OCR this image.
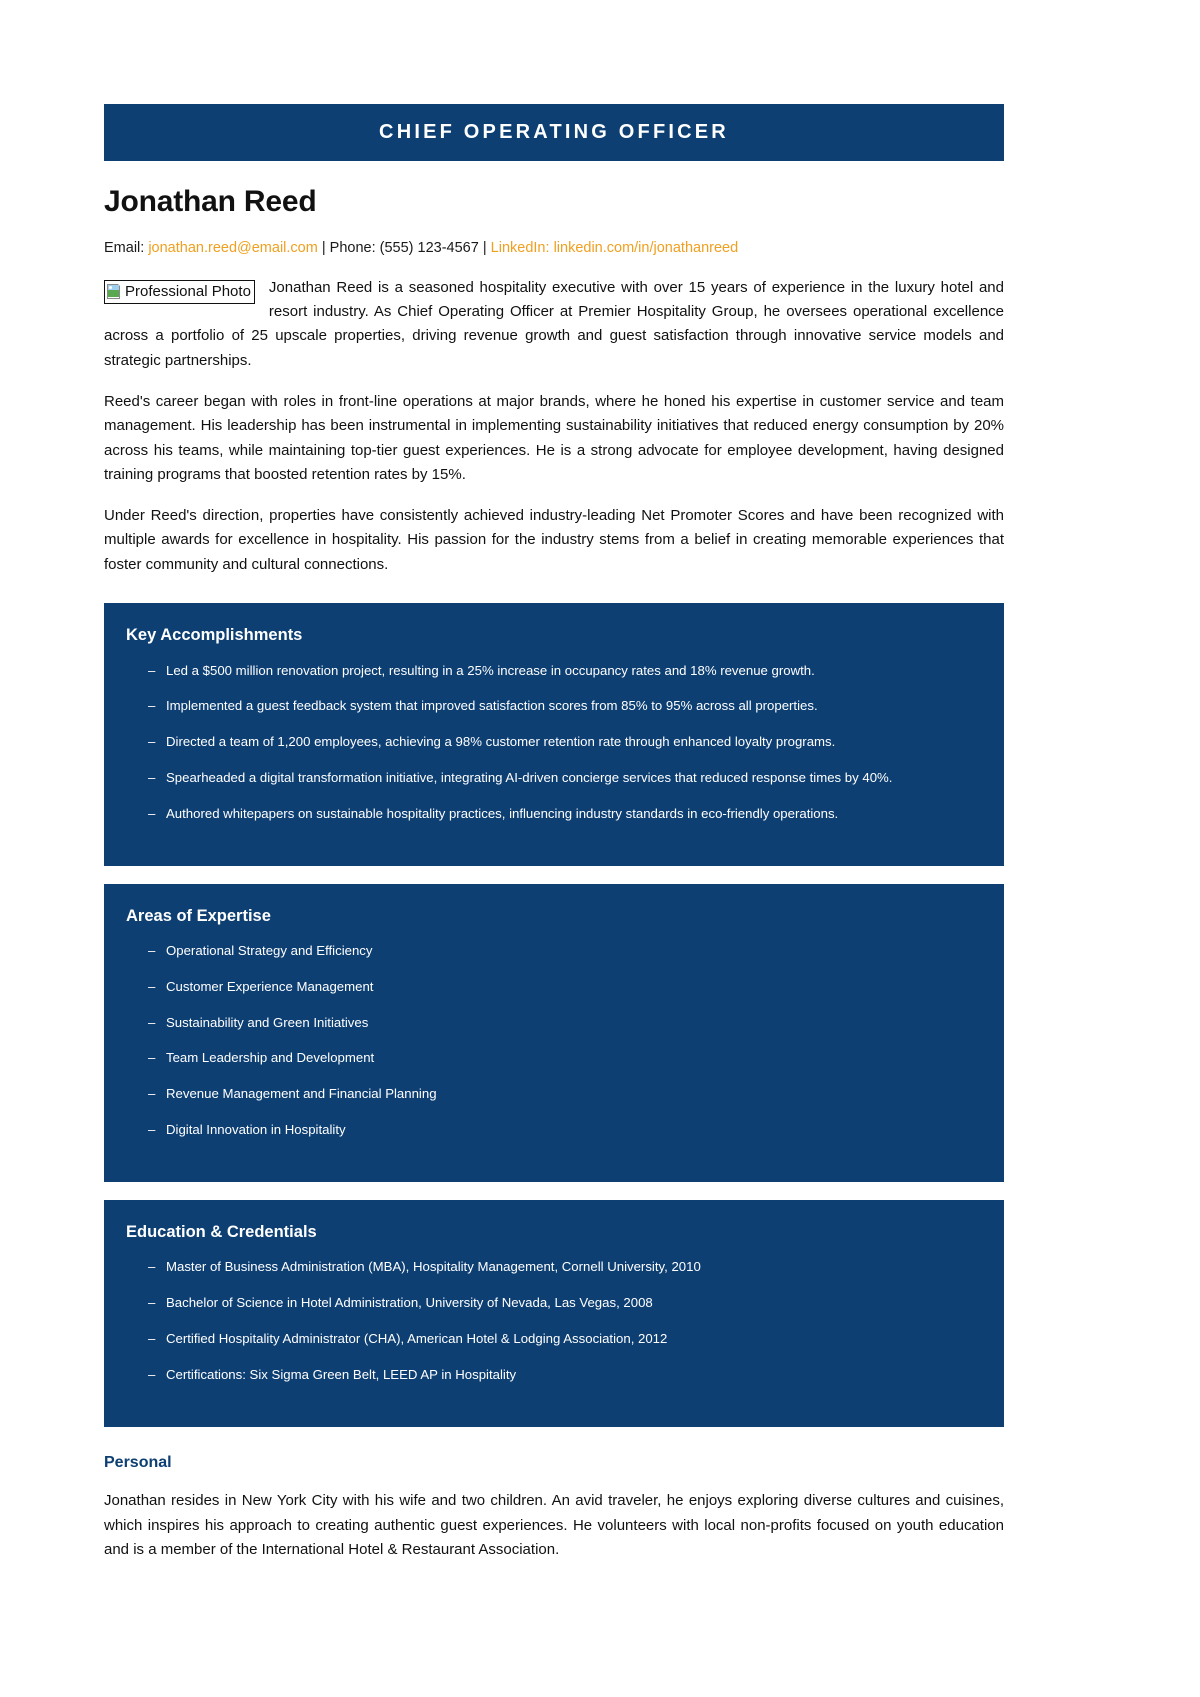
CHIEF OPERATING OFFICER
Jonathan Reed
Email: jonathan.reed@email.com | Phone: (555) 123-4567 | LinkedIn: linkedin.com/in/jonathanreed

Professional Photo Jonathan Reed is a seasoned hospitality executive with over 15 years of experience in the luxury hotel and resort industry. As Chief Operating Officer at Premier Hospitality Group, he oversees operational excellence across a portfolio of 25 upscale properties, driving revenue growth and guest satisfaction through innovative service models and strategic partnerships.

Reed's career began with roles in front-line operations at major brands, where he honed his expertise in customer service and team management. His leadership has been instrumental in implementing sustainability initiatives that reduced energy consumption by 20% across his teams, while maintaining top-tier guest experiences. He is a strong advocate for employee development, having designed training programs that boosted retention rates by 15%.

Under Reed's direction, properties have consistently achieved industry-leading Net Promoter Scores and have been recognized with multiple awards for excellence in hospitality. His passion for the industry stems from a belief in creating memorable experiences that foster community and cultural connections.

Key Accomplishments
– Led a $500 million renovation project, resulting in a 25% increase in occupancy rates and 18% revenue growth.
– Implemented a guest feedback system that improved satisfaction scores from 85% to 95% across all properties.
– Directed a team of 1,200 employees, achieving a 98% customer retention rate through enhanced loyalty programs.
– Spearheaded a digital transformation initiative, integrating AI-driven concierge services that reduced response times by 40%.
– Authored whitepapers on sustainable hospitality practices, influencing industry standards in eco-friendly operations.
Areas of Expertise
– Operational Strategy and Efficiency
– Customer Experience Management
– Sustainability and Green Initiatives
– Team Leadership and Development
– Revenue Management and Financial Planning
– Digital Innovation in Hospitality
Education & Credentials
– Master of Business Administration (MBA), Hospitality Management, Cornell University, 2010
– Bachelor of Science in Hotel Administration, University of Nevada, Las Vegas, 2008
– Certified Hospitality Administrator (CHA), American Hotel & Lodging Association, 2012
– Certifications: Six Sigma Green Belt, LEED AP in Hospitality
Personal

Jonathan resides in New York City with his wife and two children. An avid traveler, he enjoys exploring diverse cultures and cuisines, which inspires his approach to creating authentic guest experiences. He volunteers with local non-profits focused on youth education and is a member of the International Hotel & Restaurant Association.
